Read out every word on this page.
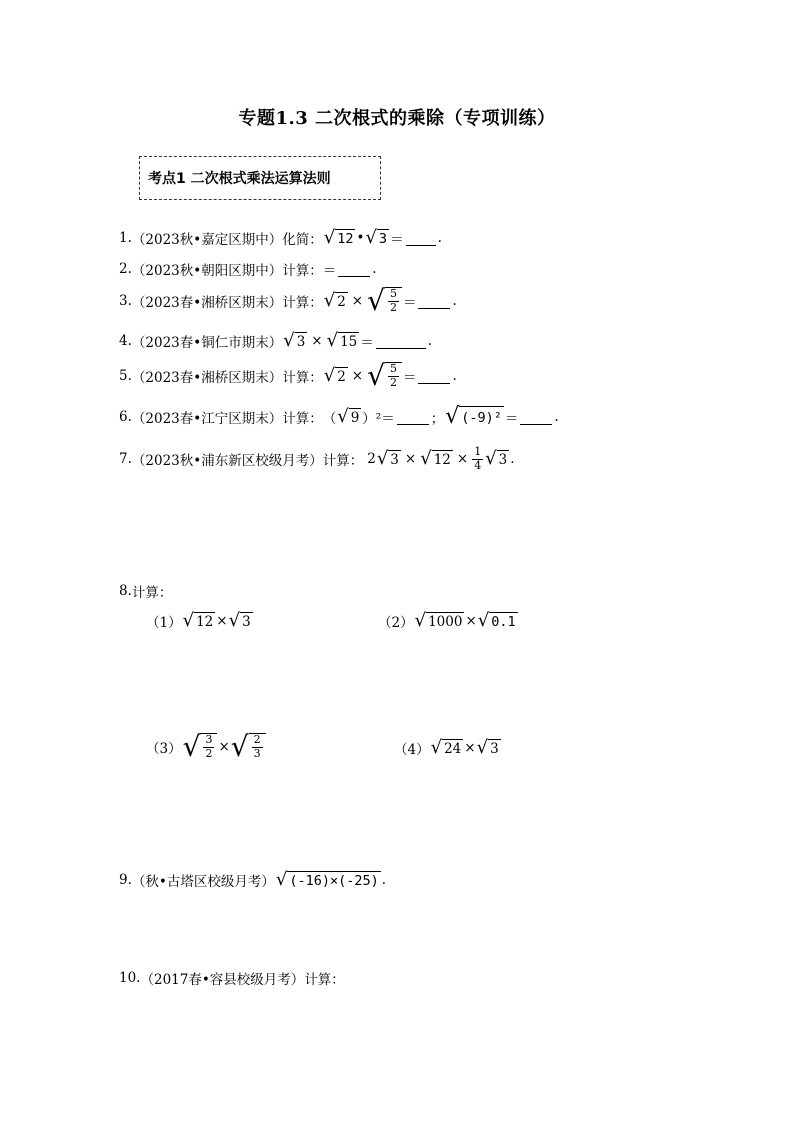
专题1.3 二次根式的乘除（专项训练）
考点1 二次根式乘法运算法则
1. （2023秋•嘉定区期中） 化简： √ 12 • √ 3 ＝	.
2. （2023秋•朝阳区期中） 计算：＝	.
3. （2023春•湘桥区期末） 计算： √ 2 × √ $\frac{5}{2}$ ＝	.
4. （2023春•铜仁市期末） √ 3 × √ 15 ＝	.
5. （2023春•湘桥区期末） 计算： √ 2 × √ $\frac{5}{2}$ ＝	.
6. （2023春•江宁区期末） 计算： （ √ 9 ）²＝	； √ (-9)² ＝	.
7. （2023秋•浦东新区校级月考） 计算： 2 √ 3 × √ $12 \times \frac{1}{4}$ √ 3 .
8. 计算：
（1） √ 12 × √ 3	（2） √ 1000 × √ 0.1
（3） √ $\frac{3}{2}$ × √ $\frac{2}{3}$	（4） √ 24 × √ 3
9. （秋•古塔区校级月考） √ (-16)×(-25) .
10. （2017春•容县校级月考） 计算：
